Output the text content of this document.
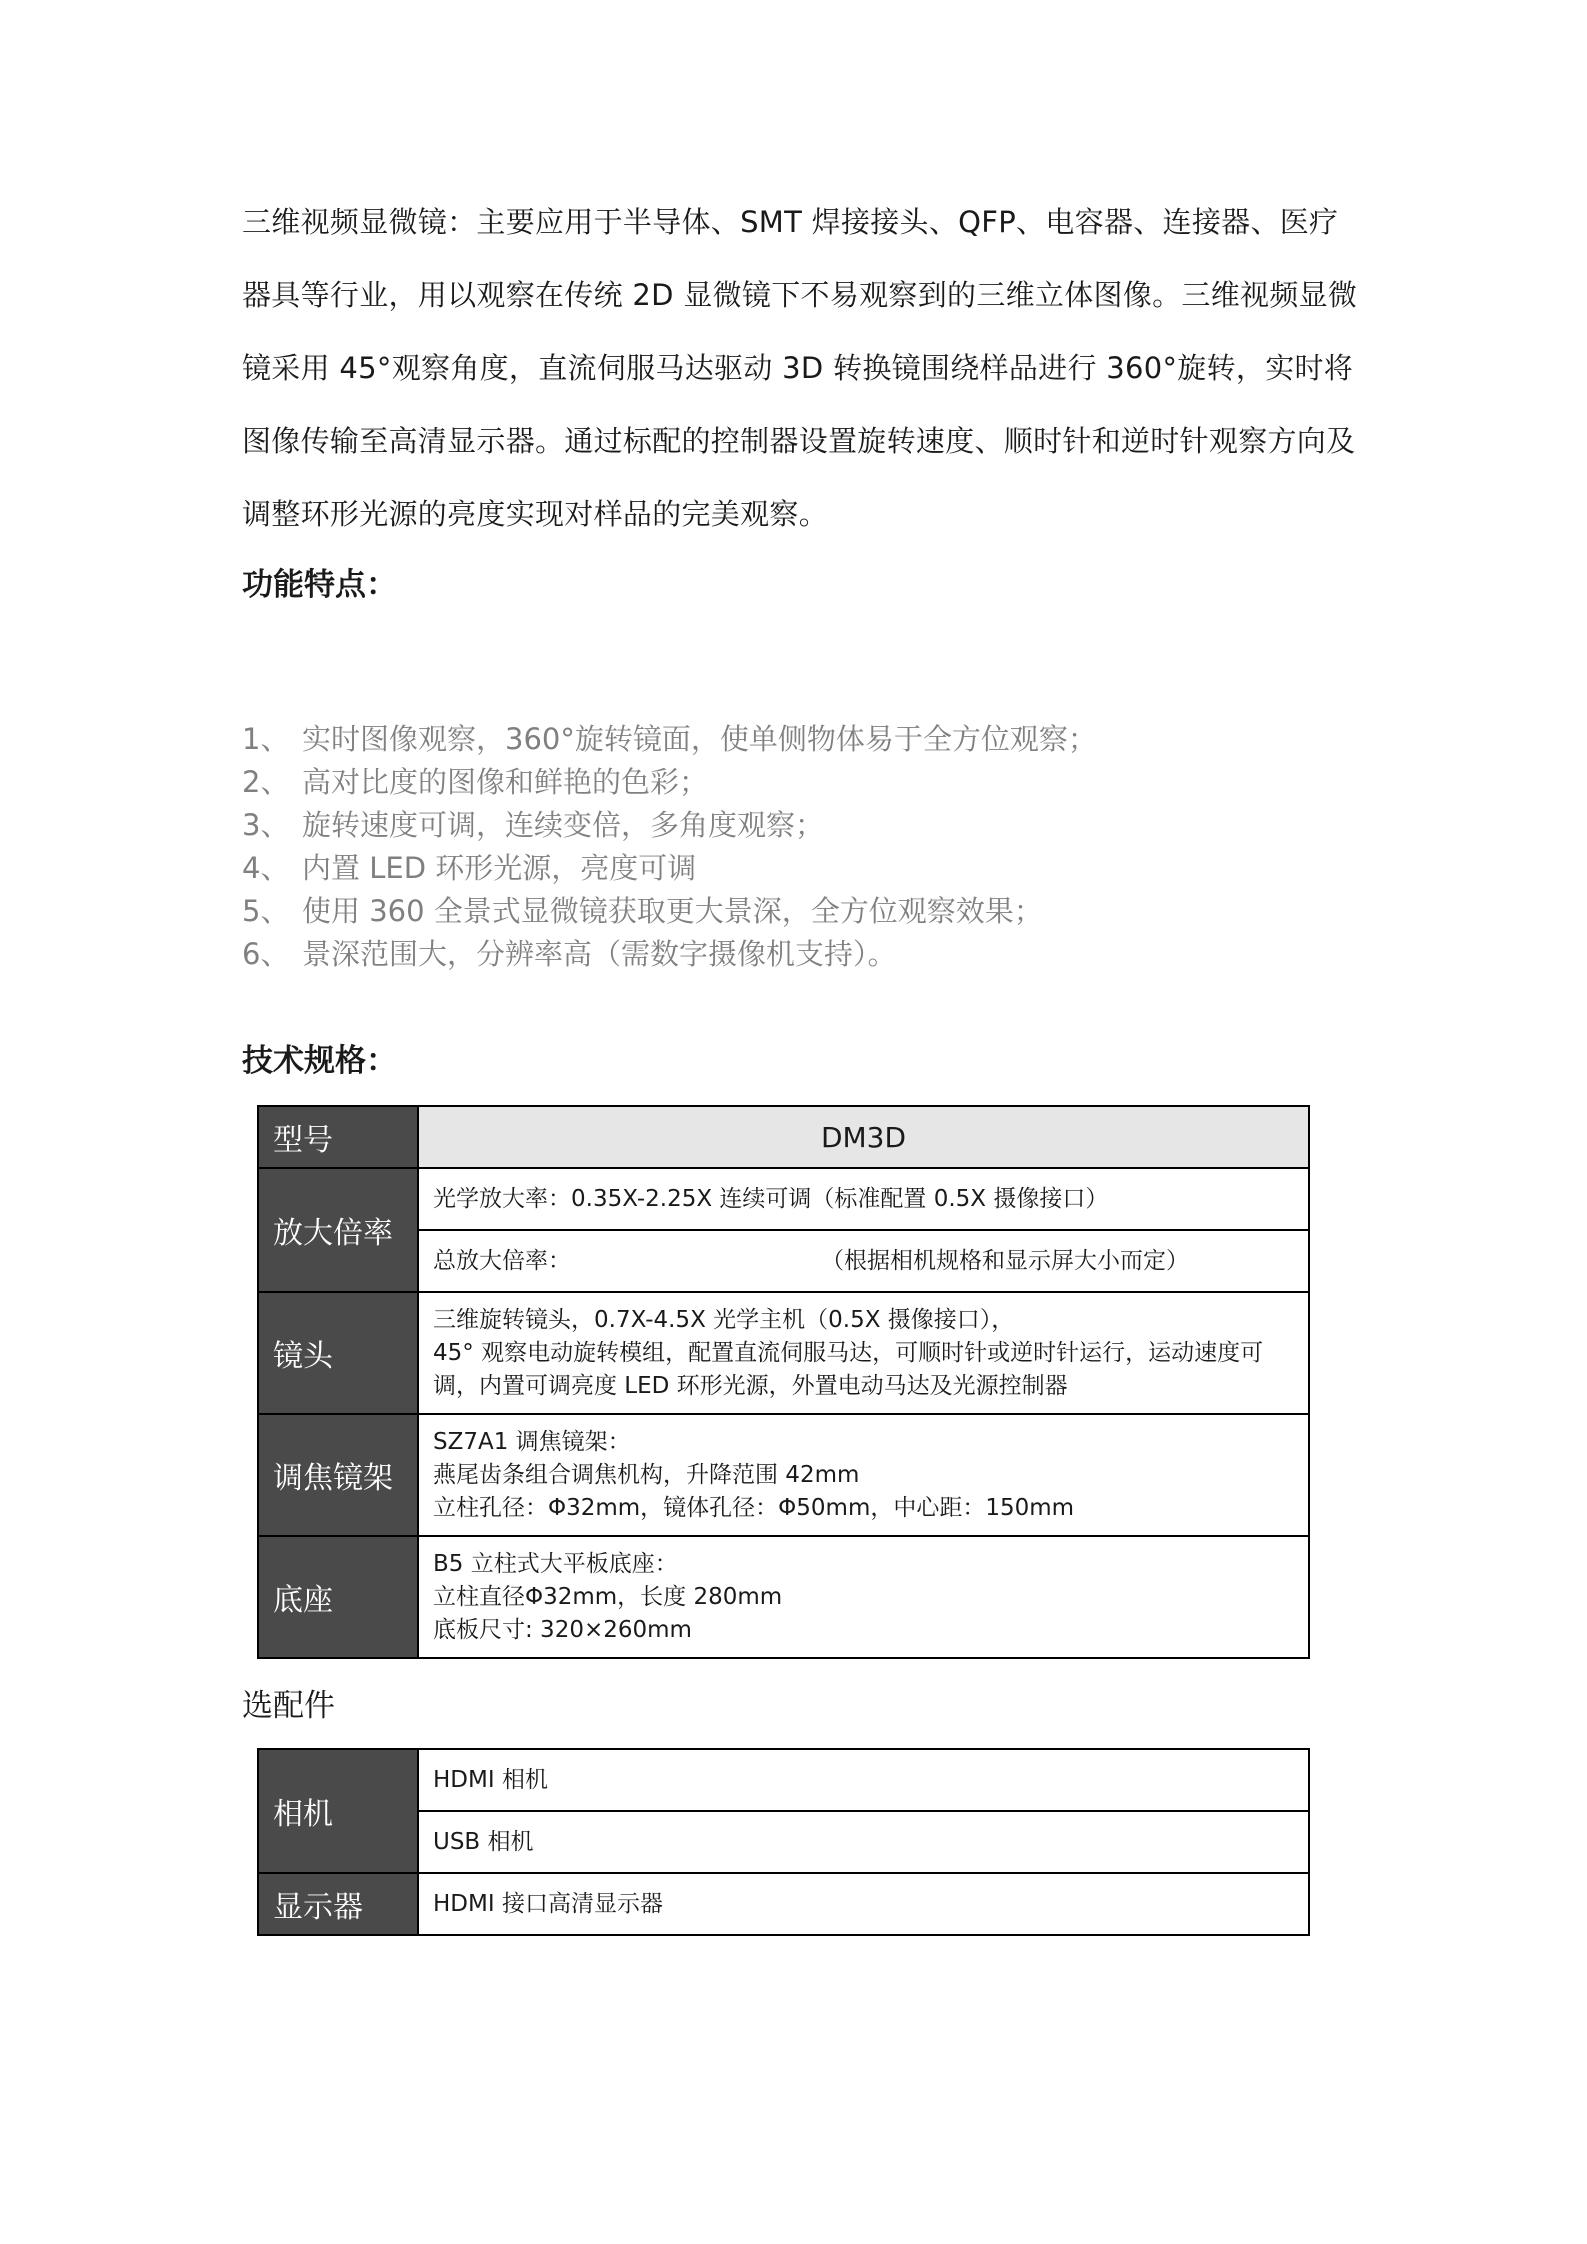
三维视频显微镜：主要应用于半导体、SMT 焊接接头、QFP、电容器、连接器、医疗器具等行业，用以观察在传统 2D 显微镜下不易观察到的三维立体图像。三维视频显微镜采用 45°观察角度，直流伺服马达驱动 3D 转换镜围绕样品进行 360°旋转，实时将图像传输至高清显示器。通过标配的控制器设置旋转速度、顺时针和逆时针观察方向及调整环形光源的亮度实现对样品的完美观察。

功能特点：
1、 实时图像观察，360°旋转镜面，使单侧物体易于全方位观察；
2、 高对比度的图像和鲜艳的色彩；
3、 旋转速度可调，连续变倍，多角度观察；
4、 内置 LED 环形光源，亮度可调
5、 使用 360 全景式显微镜获取更大景深，全方位观察效果；
6、 景深范围大，分辨率高（需数字摄像机支持）。
技术规格：
型号	DM3D
放大倍率	光学放大率：0.35X-2.25X 连续可调（标准配置 0.5X 摄像接口）
	总放大倍率： （根据相机规格和显示屏大小而定）
镜头	三维旋转镜头，0.7X-4.5X 光学主机（0.5X 摄像接口），
45° 观察电动旋转模组，配置直流伺服马达，可顺时针或逆时针运行，运动速度可调，内置可调亮度 LED 环形光源，外置电动马达及光源控制器

调焦镜架	SZ7A1 调焦镜架：
燕尾齿条组合调焦机构，升降范围 42mm
立柱孔径：Φ32mm，镜体孔径：Φ50mm，中心距：150mm

底座	B5 立柱式大平板底座：
立柱直径Φ32mm，长度 280mm
底板尺寸: 320×260mm
选配件
相机	HDMI 相机
	USB 相机
显示器	HDMI 接口高清显示器
